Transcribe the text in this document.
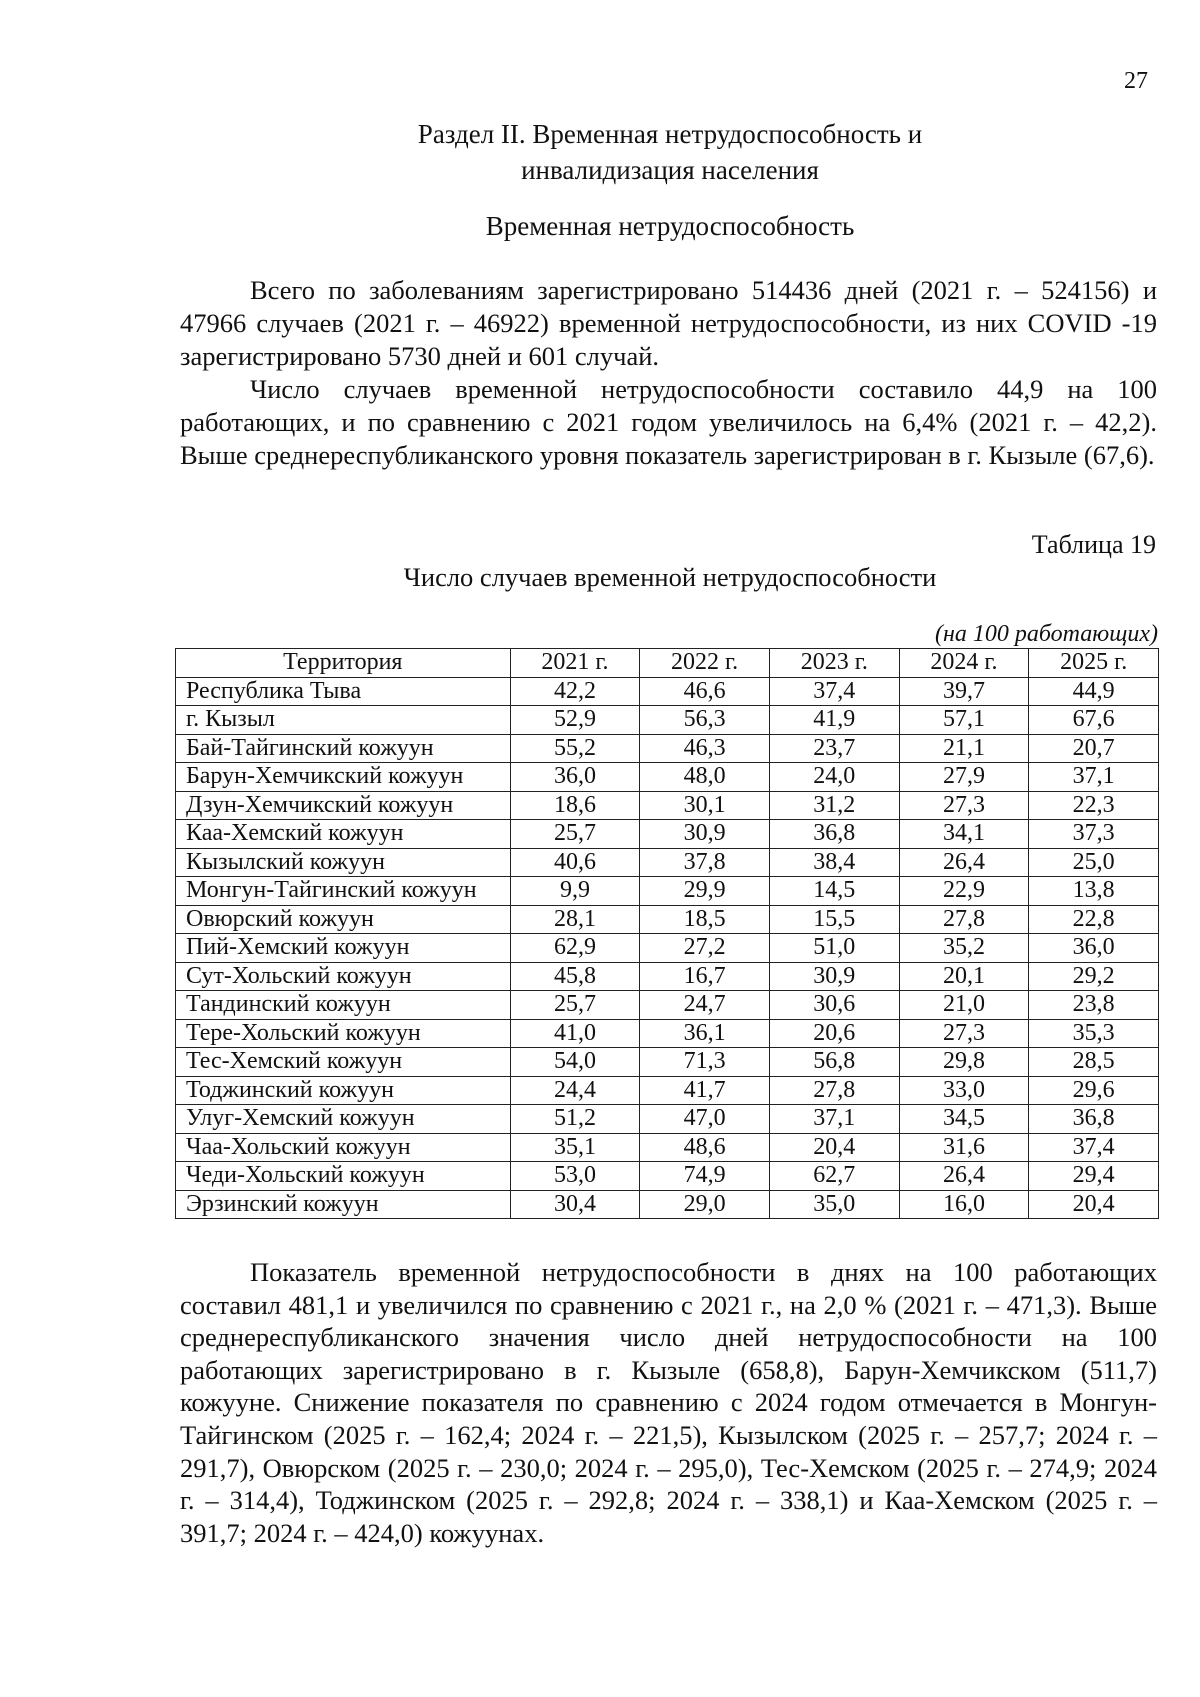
27
Раздел II. Временная нетрудоспособность и
инвалидизация населения
Временная нетрудоспособность

Всего по заболеваниям зарегистрировано 514436 дней (2021 г. – 524156) и 47966 случаев (2021 г. – 46922) временной нетрудоспособности, из них COVID -19 зарегистрировано 5730 дней и 601 случай.

Число случаев временной нетрудоспособности составило 44,9 на 100 работающих, и по сравнению с 2021 годом увеличилось на 6,4% (2021 г. – 42,2). Выше среднереспубликанского уровня показатель зарегистрирован в г. Кызыле (67,6).

Таблица 19
Число случаев временной нетрудоспособности
(на 100 работающих)
Территория	2021 г.	2022 г.	2023 г.	2024 г.	2025 г.
Республика Тыва	42,2	46,6	37,4	39,7	44,9
г. Кызыл	52,9	56,3	41,9	57,1	67,6
Бай-Тайгинский кожуун	55,2	46,3	23,7	21,1	20,7
Барун-Хемчикский кожуун	36,0	48,0	24,0	27,9	37,1
Дзун-Хемчикский кожуун	18,6	30,1	31,2	27,3	22,3
Каа-Хемский кожуун	25,7	30,9	36,8	34,1	37,3
Кызылский кожуун	40,6	37,8	38,4	26,4	25,0
Монгун-Тайгинский кожуун	9,9	29,9	14,5	22,9	13,8
Овюрский кожуун	28,1	18,5	15,5	27,8	22,8
Пий-Хемский кожуун	62,9	27,2	51,0	35,2	36,0
Сут-Хольский кожуун	45,8	16,7	30,9	20,1	29,2
Тандинский кожуун	25,7	24,7	30,6	21,0	23,8
Тере-Хольский кожуун	41,0	36,1	20,6	27,3	35,3
Тес-Хемский кожуун	54,0	71,3	56,8	29,8	28,5
Тоджинский кожуун	24,4	41,7	27,8	33,0	29,6
Улуг-Хемский кожуун	51,2	47,0	37,1	34,5	36,8
Чаа-Хольский кожуун	35,1	48,6	20,4	31,6	37,4
Чеди-Хольский кожуун	53,0	74,9	62,7	26,4	29,4
Эрзинский кожуун	30,4	29,0	35,0	16,0	20,4

Показатель временной нетрудоспособности в днях на 100 работающих составил 481,1 и увеличился по сравнению с 2021 г., на 2,0 % (2021 г. – 471,3). Выше среднереспубликанского значения число дней нетрудоспособности на 100 работающих зарегистрировано в г. Кызыле (658,8), Барун-Хемчикском (511,7) кожууне. Снижение показателя по сравнению с 2024 годом отмечается в Монгун-Тайгинском (2025 г. – 162,4; 2024 г. – 221,5), Кызылском (2025 г. – 257,7; 2024 г. – 291,7), Овюрском (2025 г. – 230,0; 2024 г. – 295,0), Тес-Хемском (2025 г. – 274,9; 2024 г. – 314,4), Тоджинском (2025 г. – 292,8; 2024 г. – 338,1) и Каа-Хемском (2025 г. – 391,7; 2024 г. – 424,0) кожуунах.
